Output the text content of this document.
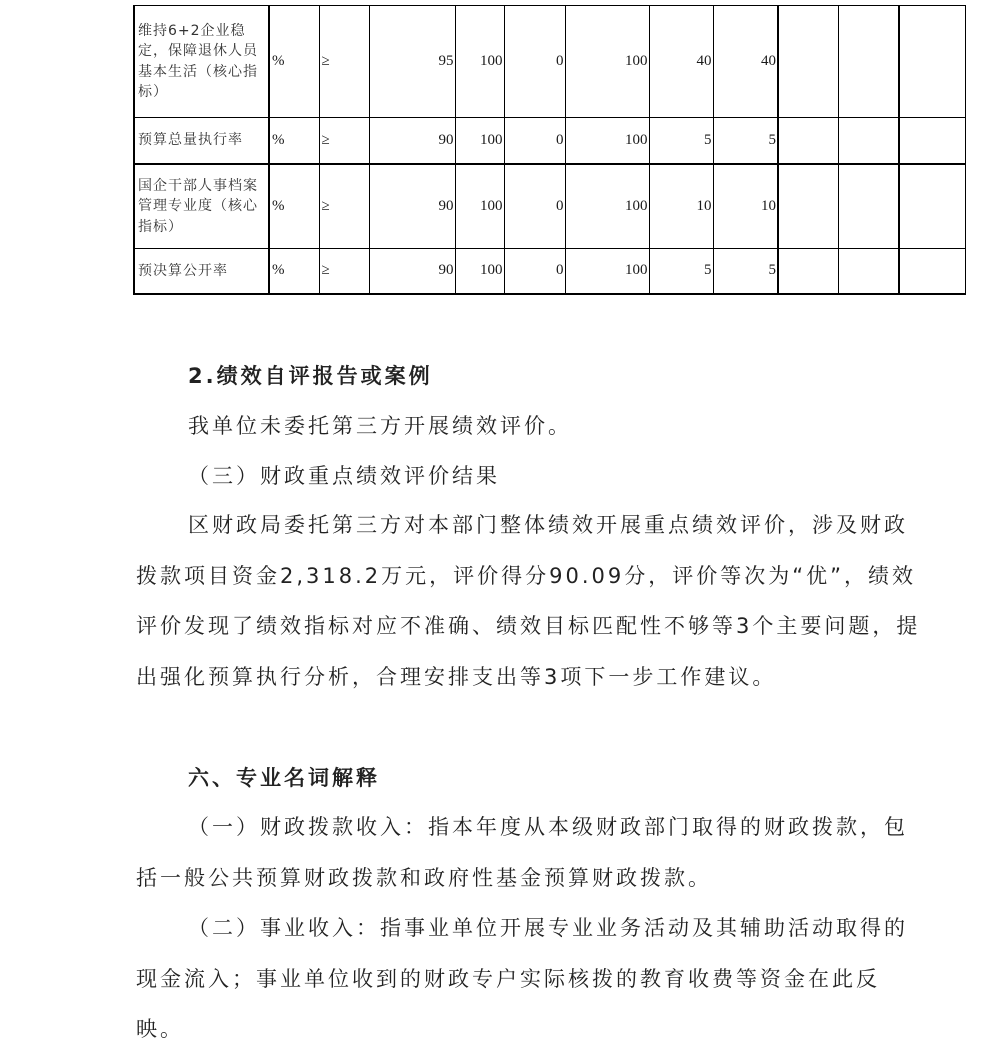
维持6+2企业稳定，保障退休人员基本生活（核心指标）	%	≥	95	100	0	100	40	40			
预算总量执行率	%	≥	90	100	0	100	5	5			
国企干部人事档案管理专业度（核心指标）	%	≥	90	100	0	100	10	10			
预决算公开率	%	≥	90	100	0	100	5	5			
2.绩效自评报告或案例
我单位未委托第三方开展绩效评价。
（三）财政重点绩效评价结果
区财政局委托第三方对本部门整体绩效开展重点绩效评价，涉及财政拨款项目资金2,318.2万元，评价得分90.09分，评价等次为“优”，绩效评价发现了绩效指标对应不准确、绩效目标匹配性不够等3个主要问题，提出强化预算执行分析，合理安排支出等3项下一步工作建议。
六、专业名词解释
（一）财政拨款收入：指本年度从本级财政部门取得的财政拨款，包括一般公共预算财政拨款和政府性基金预算财政拨款。
（二）事业收入：指事业单位开展专业业务活动及其辅助活动取得的现金流入；事业单位收到的财政专户实际核拨的教育收费等资金在此反映。
